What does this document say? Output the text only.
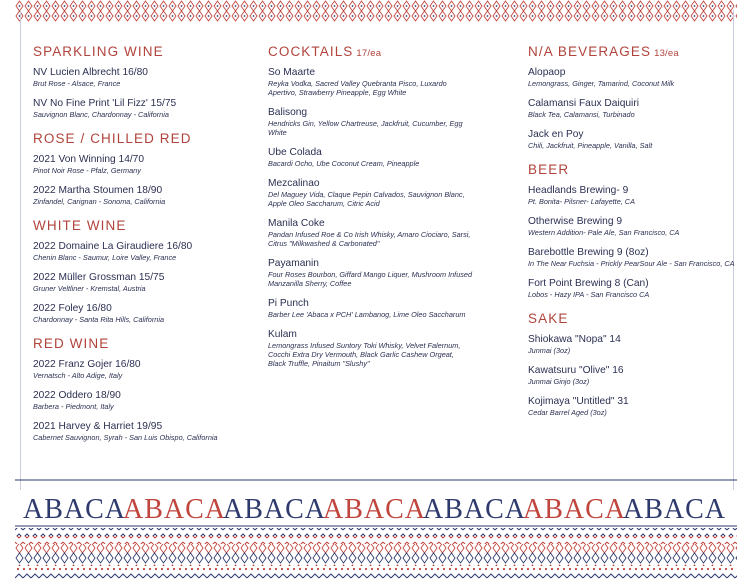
SPARKLING WINE
NV Lucien Albrecht 16/80
Brut Rose - Alsace, France
NV No Fine Print 'Lil Fizz' 15/75
Sauvignon Blanc, Chardonnay - California
ROSE / CHILLED RED
2021 Von Winning 14/70
Pinot Noir Rose - Pfalz, Germany
2022 Martha Stoumen 18/90
Zinfandel, Carignan - Sonoma, California
WHITE WINE
2022 Domaine La Giraudiere 16/80
Chenin Blanc - Saumur, Loire Valley, France
2022 Müller Grossman 15/75
Gruner Veltliner - Kremstal, Austria
2022 Foley 16/80
Chardonnay - Santa Rita Hills, California
RED WINE
2022 Franz Gojer 16/80
Vernatsch - Alto Adige, Italy
2022 Oddero 18/90
Barbera - Piedmont, Italy
2021 Harvey & Harriet 19/95
Cabernet Sauvignon, Syrah - San Luis Obispo, California
COCKTAILS 17/ea
So Maarte
Reyka Vodka, Sacred Valley Quebranta Pisco, Luxardo Apertivo, Strawberry Pineapple, Egg White
Balisong
Hendricks Gin, Yellow Chartreuse, Jackfruit, Cucumber, Egg White
Ube Colada
Bacardi Ocho, Ube Coconut Cream, Pineapple
Mezcalinao
Del Maguey Vida, Claque Pepin Calvados, Sauvignon Blanc, Apple Oleo Saccharum, Citric Acid
Manila Coke
Pandan Infused Roe & Co Irish Whisky, Amaro Ciociaro, Sarsi, Citrus "Milkwashed & Carbonated"
Payamanin
Four Roses Bourbon, Giffard Mango Liquer, Mushroom Infused Manzanilla Sherry, Coffee
Pi Punch
Barber Lee 'Abaca x PCH' Lambanog, Lime Oleo Saccharum
Kulam
Lemongrass Infused Suntory Toki Whisky, Velvet Falernum, Cocchi Extra Dry Vermouth, Black Garlic Cashew Orgeat, Black Truffle, Pinaitum "Slushy"
N/A BEVERAGES 13/ea
Alopaop
Lemongrass, Ginger, Tamarind, Coconut Milk
Calamansi Faux Daiquiri
Black Tea, Calamansi, Turbinado
Jack en Poy
Chili, Jackfruit, Pineapple, Vanilla, Salt
BEER
Headlands Brewing- 9
Pt. Bonita- Pilsner- Lafayette, CA
Otherwise Brewing 9
Western Addition- Pale Ale, San Francisco, CA
Barebottle Brewing 9 (8oz)
In The Near Fuchsia - Prickly PearSour Ale - San Francisco, CA
Fort Point Brewing 8 (Can)
Lobos - Hazy IPA - San Francisco CA
SAKE
Shiokawa "Nopa" 14
Junmai (3oz)
Kawatsuru "Olive" 16
Junmai Ginjo (3oz)
Kojimaya "Untitled" 31
Cedar Barrel Aged (3oz)
ABACA
ABACA
ABACA
ABACA
ABACA
ABACA
ABACA
